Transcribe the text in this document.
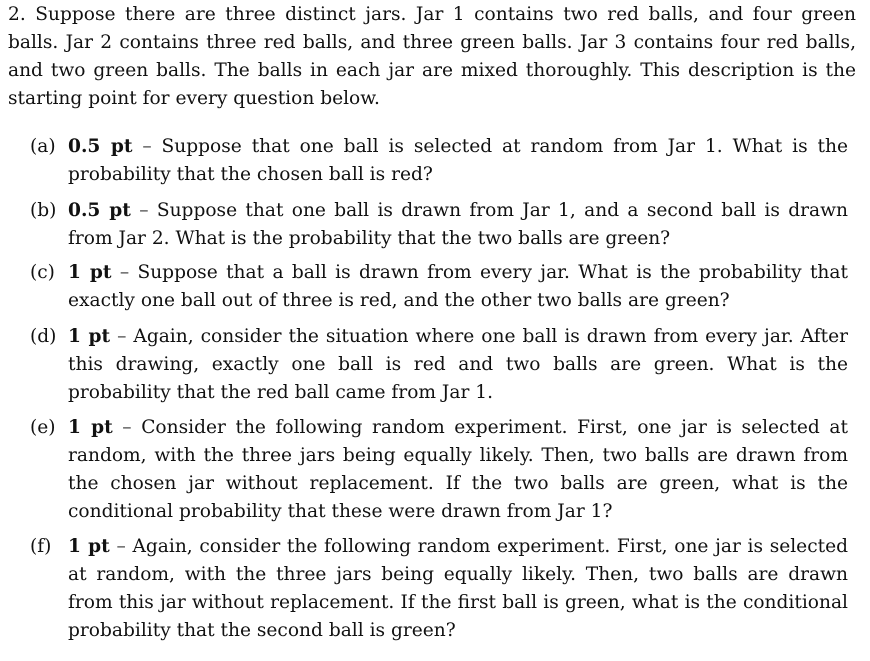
2. Suppose there are three distinct jars. Jar 1 contains two red balls, and four green balls. Jar 2 contains three red balls, and three green balls. Jar 3 contains four red balls, and two green balls. The balls in each jar are mixed thoroughly. This description is the starting point for every question below.

(a) 0.5 pt – Suppose that one ball is selected at random from Jar 1. What is the probability that the chosen ball is red?
(b) 0.5 pt – Suppose that one ball is drawn from Jar 1, and a second ball is drawn from Jar 2. What is the probability that the two balls are green?
(c) 1 pt – Suppose that a ball is drawn from every jar. What is the probability that exactly one ball out of three is red, and the other two balls are green?
(d) 1 pt – Again, consider the situation where one ball is drawn from every jar. After this drawing, exactly one ball is red and two balls are green. What is the probability that the red ball came from Jar 1.
(e) 1 pt – Consider the following random experiment. First, one jar is selected at random, with the three jars being equally likely. Then, two balls are drawn from the chosen jar without replacement. If the two balls are green, what is the conditional probability that these were drawn from Jar 1?
(f) 1 pt – Again, consider the following random experiment. First, one jar is selected at random, with the three jars being equally likely. Then, two balls are drawn from this jar without replacement. If the first ball is green, what is the conditional probability that the second ball is green?
